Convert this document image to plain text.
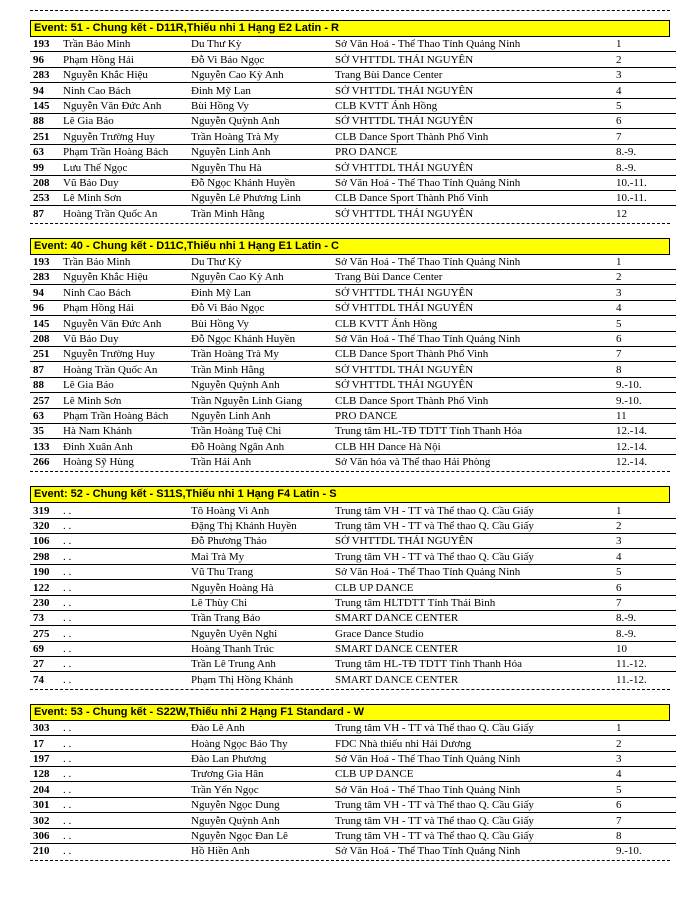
Event: 51 - Chung kết - D11R,Thiếu nhi 1 Hạng E2 Latin - R
193	Trần Bảo Minh	Du Thư Kỳ	Sở Văn Hoá - Thể Thao Tỉnh Quảng Ninh	1
96	Phạm Hồng Hải	Đỗ Vi Bảo Ngọc	SỞ VHTTDL THÁI NGUYÊN	2
283	Nguyễn Khắc Hiệu	Nguyễn Cao Kỳ Anh	Trang Bùi Dance Center	3
94	Ninh Cao Bách	Đinh Mỹ Lan	SỞ VHTTDL THÁI NGUYÊN	4
145	Nguyễn Văn Đức Anh	Bùi Hồng Vy	CLB KVTT Ánh Hồng	5
88	Lê Gia Bảo	Nguyễn Quỳnh Anh	SỞ VHTTDL THÁI NGUYÊN	6
251	Nguyễn Trường Huy	Trần Hoàng Trà My	CLB Dance Sport Thành Phố Vinh	7
63	Phạm Trần Hoàng Bách	Nguyễn Linh Anh	PRO DANCE	8.-9.
99	Lưu Thế Ngọc	Nguyễn Thu Hà	SỞ VHTTDL THÁI NGUYÊN	8.-9.
208	Vũ Bảo Duy	Đỗ Ngọc Khánh Huyền	Sở Văn Hoá - Thể Thao Tỉnh Quảng Ninh	10.-11.
253	Lê Minh Sơn	Nguyễn Lê Phương Linh	CLB Dance Sport Thành Phố Vinh	10.-11.
87	Hoàng Trần Quốc An	Trần Minh Hằng	SỞ VHTTDL THÁI NGUYÊN	12
Event: 40 - Chung kết - D11C,Thiếu nhi 1 Hạng E1 Latin - C
193	Trần Bảo Minh	Du Thư Kỳ	Sở Văn Hoá - Thể Thao Tỉnh Quảng Ninh	1
283	Nguyễn Khắc Hiệu	Nguyễn Cao Kỳ Anh	Trang Bùi Dance Center	2
94	Ninh Cao Bách	Đinh Mỹ Lan	SỞ VHTTDL THÁI NGUYÊN	3
96	Phạm Hồng Hải	Đỗ Vi Bảo Ngọc	SỞ VHTTDL THÁI NGUYÊN	4
145	Nguyễn Văn Đức Anh	Bùi Hồng Vy	CLB KVTT Ánh Hồng	5
208	Vũ Bảo Duy	Đỗ Ngọc Khánh Huyền	Sở Văn Hoá - Thể Thao Tỉnh Quảng Ninh	6
251	Nguyễn Trường Huy	Trần Hoàng Trà My	CLB Dance Sport Thành Phố Vinh	7
87	Hoàng Trần Quốc An	Trần Minh Hằng	SỞ VHTTDL THÁI NGUYÊN	8
88	Lê Gia Bảo	Nguyễn Quỳnh Anh	SỞ VHTTDL THÁI NGUYÊN	9.-10.
257	Lê Minh Sơn	Trần Nguyễn Linh Giang	CLB Dance Sport Thành Phố Vinh	9.-10.
63	Phạm Trần Hoàng Bách	Nguyễn Linh Anh	PRO DANCE	11
35	Hà Nam Khánh	Trần Hoàng Tuệ Chi	Trung tâm HL-TĐ TDTT Tỉnh Thanh Hóa	12.-14.
133	Đinh Xuân Anh	Đỗ Hoàng Ngân Anh	CLB HH Dance Hà Nội	12.-14.
266	Hoàng Sỹ Hùng	Trần Hải Anh	Sở Văn hóa và Thể thao Hải Phòng	12.-14.
Event: 52 - Chung kết - S11S,Thiếu nhi 1 Hạng F4 Latin - S
319	. .	Tô Hoàng Vi Anh	Trung tâm VH - TT và Thể thao Q. Cầu Giấy	1
320	. .	Đặng Thị Khánh Huyền	Trung tâm VH - TT và Thể thao Q. Cầu Giấy	2
106	. .	Đỗ Phương Thảo	SỞ VHTTDL THÁI NGUYÊN	3
298	. .	Mai Trà My	Trung tâm VH - TT và Thể thao Q. Cầu Giấy	4
190	. .	Vũ Thu Trang	Sở Văn Hoá - Thể Thao Tỉnh Quảng Ninh	5
122	. .	Nguyễn Hoàng Hà	CLB UP DANCE	6
230	. .	Lê Thùy Chi	Trung tâm HLTDTT Tỉnh Thái Bình	7
73	. .	Trần Trang Bảo	SMART DANCE CENTER	8.-9.
275	. .	Nguyễn Uyên Nghi	Grace Dance Studio	8.-9.
69	. .	Hoàng Thanh Trúc	SMART DANCE CENTER	10
27	. .	Trần Lê Trung Anh	Trung tâm HL-TĐ TDTT Tỉnh Thanh Hóa	11.-12.
74	. .	Phạm Thị Hồng Khánh	SMART DANCE CENTER	11.-12.
Event: 53 - Chung kết - S22W,Thiếu nhi 2 Hạng F1 Standard - W
303	. .	Đào Lê Anh	Trung tâm VH - TT và Thể thao Q. Cầu Giấy	1
17	. .	Hoàng Ngọc Bảo Thy	FDC Nhà thiếu nhi Hải Dương	2
197	. .	Đào Lan Phương	Sở Văn Hoá - Thể Thao Tỉnh Quảng Ninh	3
128	. .	Trương Gia Hân	CLB UP DANCE	4
204	. .	Trần Yến Ngọc	Sở Văn Hoá - Thể Thao Tỉnh Quảng Ninh	5
301	. .	Nguyễn Ngọc Dung	Trung tâm VH - TT và Thể thao Q. Cầu Giấy	6
302	. .	Nguyễn Quỳnh Anh	Trung tâm VH - TT và Thể thao Q. Cầu Giấy	7
306	. .	Nguyễn Ngọc Đan Lê	Trung tâm VH - TT và Thể thao Q. Cầu Giấy	8
210	. .	Hồ Hiền Anh	Sở Văn Hoá - Thể Thao Tỉnh Quảng Ninh	9.-10.
